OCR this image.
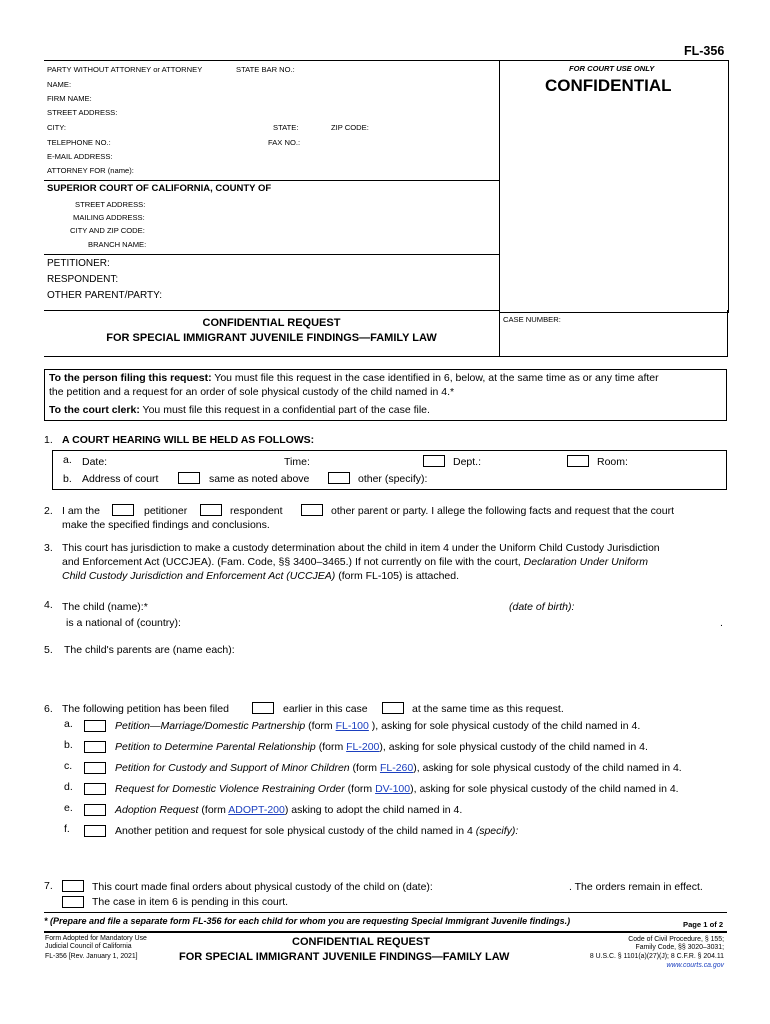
FL-356
PARTY WITHOUT ATTORNEY or ATTORNEY	STATE BAR NO.:
NAME:
FIRM NAME:
STREET ADDRESS:
CITY:	STATE:	ZIP CODE:
TELEPHONE NO.:	FAX NO.:
E-MAIL ADDRESS:
ATTORNEY FOR (name):
FOR COURT USE ONLY
CONFIDENTIAL
SUPERIOR COURT OF CALIFORNIA, COUNTY OF
STREET ADDRESS:
MAILING ADDRESS:
CITY AND ZIP CODE:
BRANCH NAME:
PETITIONER:
RESPONDENT:
OTHER PARENT/PARTY:
CONFIDENTIAL REQUEST
FOR SPECIAL IMMIGRANT JUVENILE FINDINGS—FAMILY LAW
CASE NUMBER:
To the person filing this request: You must file this request in the case identified in 6, below, at the same time as or any time after
the petition and a request for an order of sole physical custody of the child named in 4.*
To the court clerk: You must file this request in a confidential part of the case file.
1. A COURT HEARING WILL BE HELD AS FOLLOWS:
a. Date:	Time:	Dept.:	Room:
b. Address of court	same as noted above	other (specify):
2. I am the	petitioner	respondent	other parent or party. I allege the following facts and request that the court
make the specified findings and conclusions.
3. This court has jurisdiction to make a custody determination about the child in item 4 under the Uniform Child Custody Jurisdiction
and Enforcement Act (UCCJEA). (Fam. Code, §§ 3400–3465.) If not currently on file with the court, Declaration Under Uniform
Child Custody Jurisdiction and Enforcement Act (UCCJEA) (form FL-105) is attached.
4. The child (name):*	(date of birth):
is a national of (country):	.
5. The child's parents are (name each):
6. The following petition has been filed	earlier in this case	at the same time as this request.
a.	Petition—Marriage/Domestic Partnership (form FL-100 ), asking for sole physical custody of the child named in 4.
b.	Petition to Determine Parental Relationship (form FL-200), asking for sole physical custody of the child named in 4.
c.	Petition for Custody and Support of Minor Children (form FL-260), asking for sole physical custody of the child named in 4.
d.	Request for Domestic Violence Restraining Order (form DV-100), asking for sole physical custody of the child named in 4.
e.	Adoption Request (form ADOPT-200) asking to adopt the child named in 4.
f.	Another petition and request for sole physical custody of the child named in 4 (specify):
7.	This court made final orders about physical custody of the child on (date):	. The orders remain in effect.
The case in item 6 is pending in this court.
* (Prepare and file a separate form FL-356 for each child for whom you are requesting Special Immigrant Juvenile findings.)	Page 1 of 2
Form Adopted for Mandatory Use
Judicial Council of California
FL-356 [Rev. January 1, 2021]
CONFIDENTIAL REQUEST
FOR SPECIAL IMMIGRANT JUVENILE FINDINGS—FAMILY LAW
Code of Civil Procedure, § 155;
Family Code, §§ 3020–3031;
8 U.S.C. § 1101(a)(27)(J); 8 C.F.R. § 204.11
www.courts.ca.gov
